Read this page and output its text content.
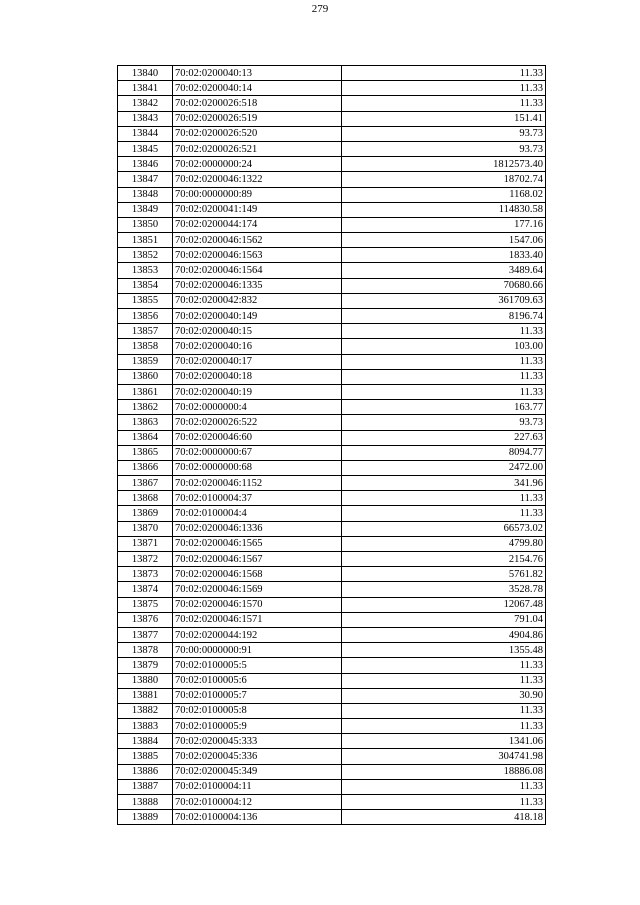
279
13840	70:02:0200040:13	11.33
13841	70:02:0200040:14	11.33
13842	70:02:0200026:518	11.33
13843	70:02:0200026:519	151.41
13844	70:02:0200026:520	93.73
13845	70:02:0200026:521	93.73
13846	70:02:0000000:24	1812573.40
13847	70:02:0200046:1322	18702.74
13848	70:00:0000000:89	1168.02
13849	70:02:0200041:149	114830.58
13850	70:02:0200044:174	177.16
13851	70:02:0200046:1562	1547.06
13852	70:02:0200046:1563	1833.40
13853	70:02:0200046:1564	3489.64
13854	70:02:0200046:1335	70680.66
13855	70:02:0200042:832	361709.63
13856	70:02:0200040:149	8196.74
13857	70:02:0200040:15	11.33
13858	70:02:0200040:16	103.00
13859	70:02:0200040:17	11.33
13860	70:02:0200040:18	11.33
13861	70:02:0200040:19	11.33
13862	70:02:0000000:4	163.77
13863	70:02:0200026:522	93.73
13864	70:02:0200046:60	227.63
13865	70:02:0000000:67	8094.77
13866	70:02:0000000:68	2472.00
13867	70:02:0200046:1152	341.96
13868	70:02:0100004:37	11.33
13869	70:02:0100004:4	11.33
13870	70:02:0200046:1336	66573.02
13871	70:02:0200046:1565	4799.80
13872	70:02:0200046:1567	2154.76
13873	70:02:0200046:1568	5761.82
13874	70:02:0200046:1569	3528.78
13875	70:02:0200046:1570	12067.48
13876	70:02:0200046:1571	791.04
13877	70:02:0200044:192	4904.86
13878	70:00:0000000:91	1355.48
13879	70:02:0100005:5	11.33
13880	70:02:0100005:6	11.33
13881	70:02:0100005:7	30.90
13882	70:02:0100005:8	11.33
13883	70:02:0100005:9	11.33
13884	70:02:0200045:333	1341.06
13885	70:02:0200045:336	304741.98
13886	70:02:0200045:349	18886.08
13887	70:02:0100004:11	11.33
13888	70:02:0100004:12	11.33
13889	70:02:0100004:136	418.18
